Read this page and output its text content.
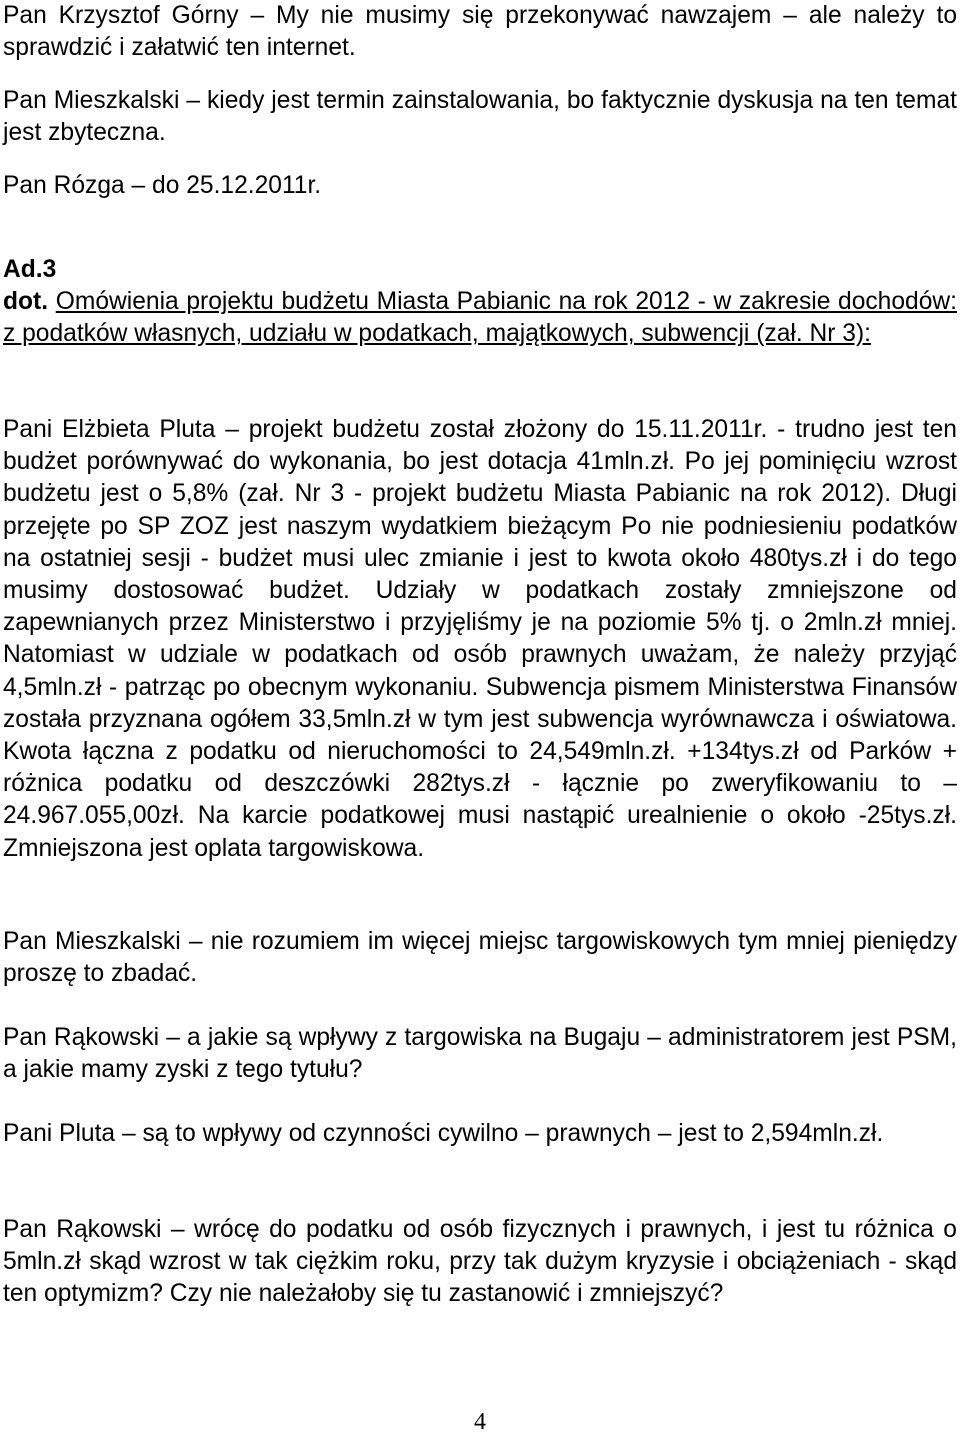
Pan Krzysztof Górny – My nie musimy się przekonywać nawzajem – ale należy to sprawdzić i załatwić ten internet.

Pan Mieszkalski – kiedy jest termin zainstalowania, bo faktycznie dyskusja na ten temat jest zbyteczna.

Pan Rózga – do 25.12.2011r.

Ad.3

dot. Omówienia projektu budżetu Miasta Pabianic na rok 2012 - w zakresie dochodów: z podatków własnych, udziału w podatkach, majątkowych, subwencji (zał. Nr 3):

Pani Elżbieta Pluta – projekt budżetu został złożony do 15.11.2011r. - trudno jest ten budżet porównywać do wykonania, bo jest dotacja 41mln.zł. Po jej pominięciu wzrost budżetu jest o 5,8% (zał. Nr 3 - projekt budżetu Miasta Pabianic na rok 2012). Długi przejęte po SP ZOZ jest naszym wydatkiem bieżącym Po nie podniesieniu podatków na ostatniej sesji - budżet musi ulec zmianie i jest to kwota około 480tys.zł i do tego musimy dostosować budżet. Udziały w podatkach zostały zmniejszone od zapewnianych przez Ministerstwo i przyjęliśmy je na poziomie 5% tj. o 2mln.zł mniej. Natomiast w udziale w podatkach od osób prawnych uważam, że należy przyjąć 4,5mln.zł - patrząc po obecnym wykonaniu. Subwencja pismem Ministerstwa Finansów została przyznana ogółem 33,5mln.zł w tym jest subwencja wyrównawcza i oświatowa. Kwota łączna z podatku od nieruchomości to 24,549mln.zł. +134tys.zł od Parków + różnica podatku od deszczówki 282tys.zł - łącznie po zweryfikowaniu to – 24.967.055,00zł. Na karcie podatkowej musi nastąpić urealnienie o około -25tys.zł. Zmniejszona jest oplata targowiskowa.

Pan Mieszkalski – nie rozumiem im więcej miejsc targowiskowych tym mniej pieniędzy proszę to zbadać.

Pan Rąkowski – a jakie są wpływy z targowiska na Bugaju – administratorem jest PSM, a jakie mamy zyski z tego tytułu?

Pani Pluta – są to wpływy od czynności cywilno – prawnych – jest to 2,594mln.zł.

Pan Rąkowski – wrócę do podatku od osób fizycznych i prawnych, i jest tu różnica o 5mln.zł skąd wzrost w tak ciężkim roku, przy tak dużym kryzysie i obciążeniach - skąd ten optymizm? Czy nie należałoby się tu zastanowić i zmniejszyć?

4
